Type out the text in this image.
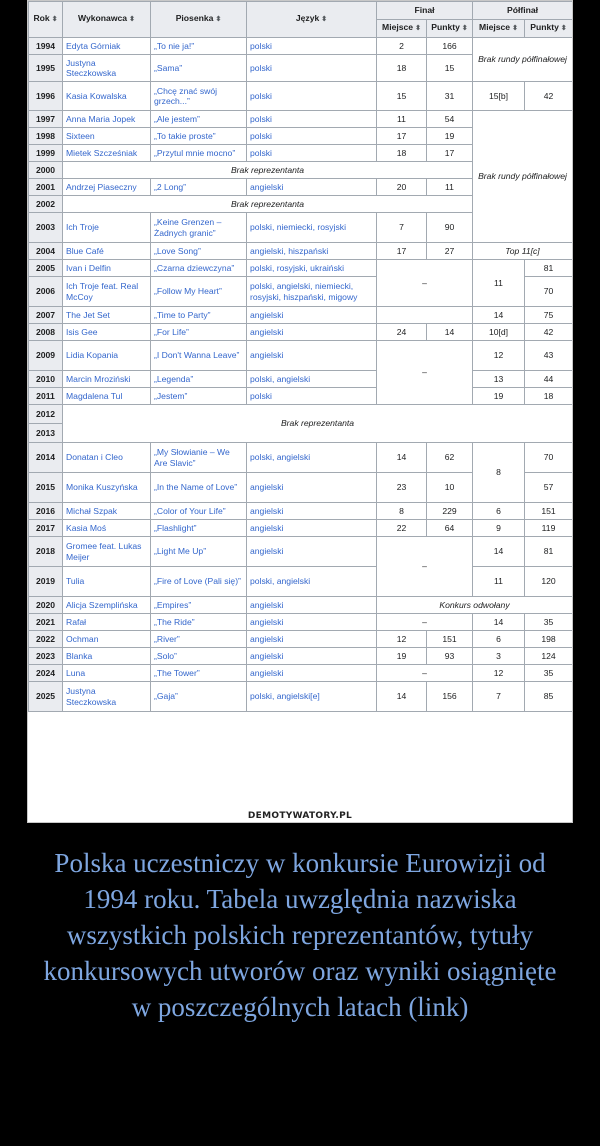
Rok ⬍	Wykonawca ⬍	Piosenka ⬍	Język ⬍	Finał		Półfinał	
				Miejsce ⬍	Punkty ⬍	Miejsce ⬍	Punkty ⬍
1994	Edyta Górniak	„To nie ja!”	polski	2	166	Brak rundy półfinałowej	
1995	Justyna Steczkowska	„Sama”	polski	18	15		
1996	Kasia Kowalska	„Chcę znać swój grzech...”	polski	15	31	15[b]	42
1997	Anna Maria Jopek	„Ale jestem”	polski	11	54	Brak rundy półfinałowej	
1998	Sixteen	„To takie proste”	polski	17	19		
1999	Mietek Szcześniak	„Przytul mnie mocno”	polski	18	17		
2000	Brak reprezentanta						
2001	Andrzej Piaseczny	„2 Long”	angielski	20	11		
2002	Brak reprezentanta						
2003	Ich Troje	„Keine Grenzen – Żadnych granic”	polski, niemiecki, rosyjski	7	90		
2004	Blue Café	„Love Song”	angielski, hiszpański	17	27	Top 11[c]	
2005	Ivan i Delfin	„Czarna dziewczyna”	polski, rosyjski, ukraiński	–		11	81
2006	Ich Troje feat. Real McCoy	„Follow My Heart”	polski, angielski, niemiecki, rosyjski, hiszpański, migowy				70
2007	The Jet Set	„Time to Party”	angielski			14	75
2008	Isis Gee	„For Life”	angielski	24	14	10[d]	42
2009	Lidia Kopania	„I Don't Wanna Leave”	angielski	–		12	43
2010	Marcin Mroziński	„Legenda”	polski, angielski			13	44
2011	Magdalena Tul	„Jestem”	polski			19	18
2012	Brak reprezentanta						
2013							
2014	Donatan i Cleo	„My Słowianie – We Are Slavic”	polski, angielski	14	62	8	70
2015	Monika Kuszyńska	„In the Name of Love”	angielski	23	10		57
2016	Michał Szpak	„Color of Your Life”	angielski	8	229	6	151
2017	Kasia Moś	„Flashlight”	angielski	22	64	9	119
2018	Gromee feat. Lukas Meijer	„Light Me Up”	angielski	–		14	81
2019	Tulia	„Fire of Love (Pali się)”	polski, angielski			11	120
2020	Alicja Szemplińska	„Empires”	angielski	Konkurs odwołany			
2021	Rafał	„The Ride”	angielski	–		14	35
2022	Ochman	„River”	angielski	12	151	6	198
2023	Blanka	„Solo”	angielski	19	93	3	124
2024	Luna	„The Tower”	angielski	–		12	35
2025	Justyna Steczkowska	„Gaja”	polski, angielski[e]	14	156	7	85
DEMOTYWATORY.PL
Polska uczestniczy w konkursie Eurowizji od 1994 roku. Tabela uwzględnia nazwiska wszystkich polskich reprezentantów, tytuły konkursowych utworów oraz wyniki osiągnięte w poszczególnych latach (link)
